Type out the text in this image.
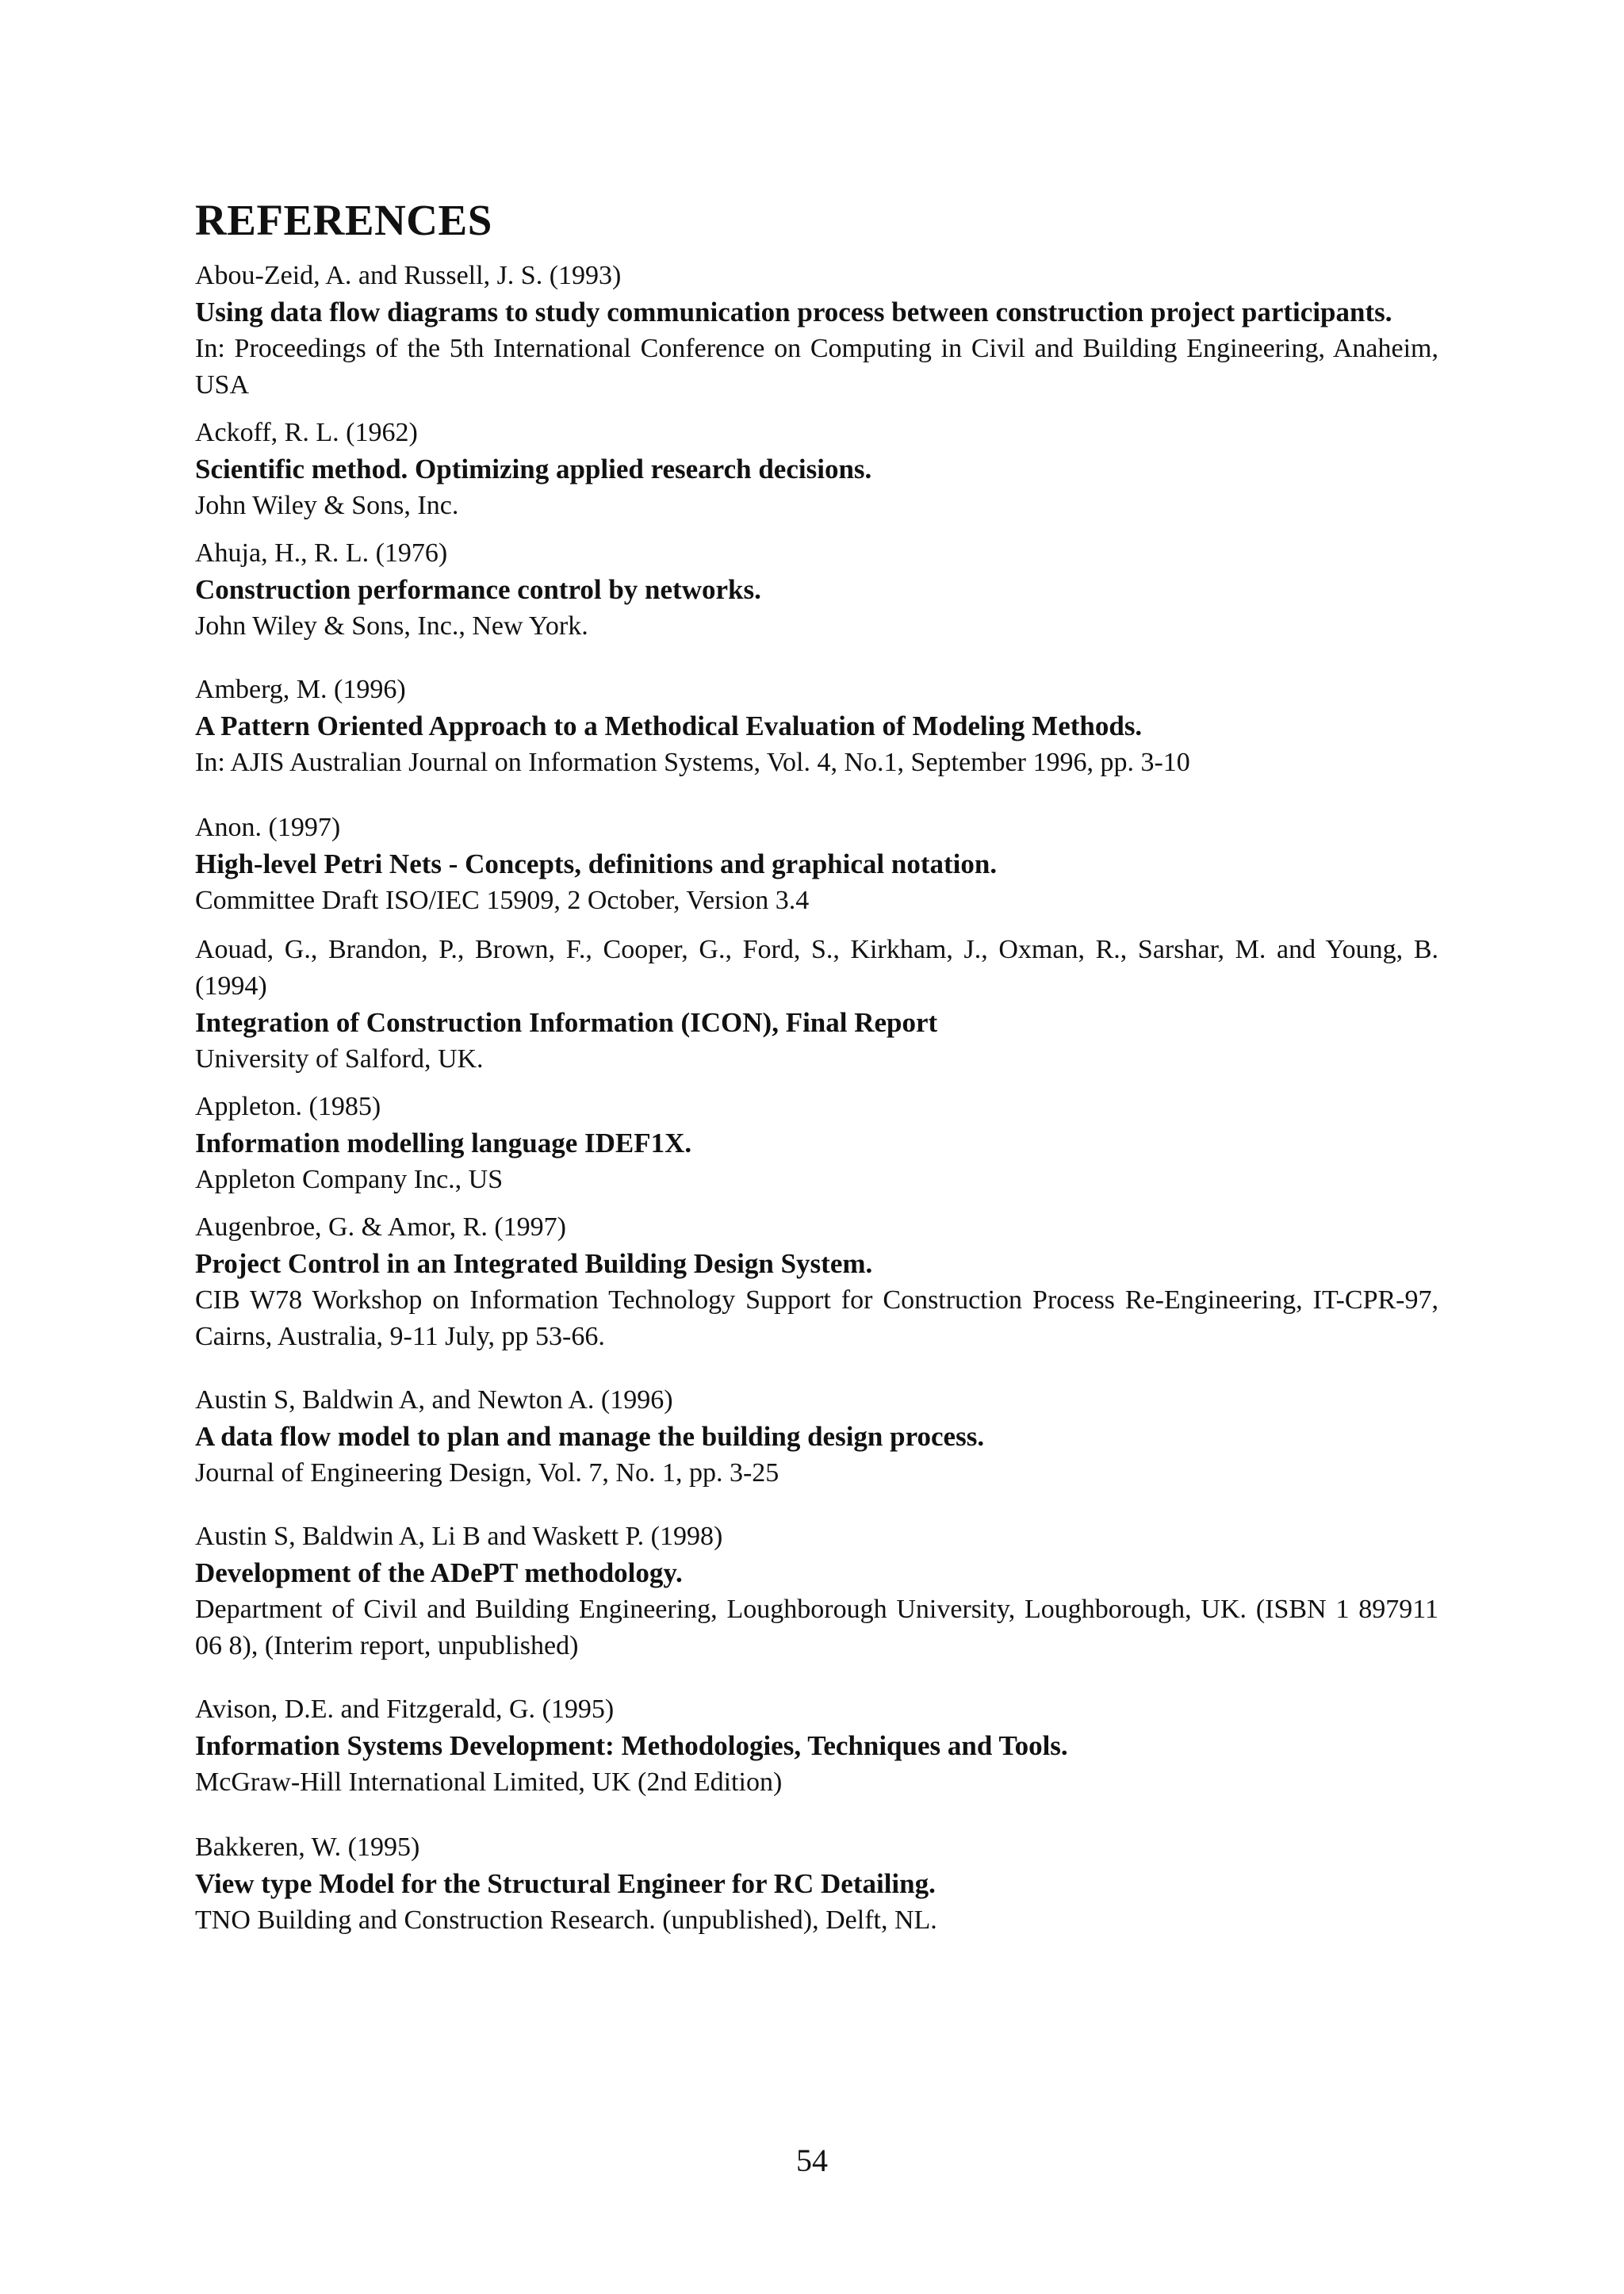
REFERENCES
Abou-Zeid, A. and Russell, J. S. (1993)
Using data flow diagrams to study communication process between construction project participants.
In: Proceedings of the 5th International Conference on Computing in Civil and Building Engineering, Anaheim, USA
Ackoff, R. L. (1962)
Scientific method. Optimizing applied research decisions.
John Wiley & Sons, Inc.
Ahuja, H., R. L. (1976)
Construction performance control by networks.
John Wiley & Sons, Inc., New York.
Amberg, M. (1996)
A Pattern Oriented Approach to a Methodical Evaluation of Modeling Methods.
In: AJIS Australian Journal on Information Systems, Vol. 4, No.1, September 1996, pp. 3-10
Anon. (1997)
High-level Petri Nets - Concepts, definitions and graphical notation.
Committee Draft ISO/IEC 15909, 2 October, Version 3.4
Aouad, G., Brandon, P., Brown, F., Cooper, G., Ford, S., Kirkham, J., Oxman, R., Sarshar, M. and Young, B. (1994)
Integration of Construction Information (ICON), Final Report
University of Salford, UK.
Appleton. (1985)
Information modelling language IDEF1X.
Appleton Company Inc., US
Augenbroe, G. & Amor, R. (1997)
Project Control in an Integrated Building Design System.
CIB W78 Workshop on Information Technology Support for Construction Process Re-Engineering, IT-CPR-97, Cairns, Australia, 9-11 July, pp 53-66.
Austin S, Baldwin A, and Newton A. (1996)
A data flow model to plan and manage the building design process.
Journal of Engineering Design, Vol. 7, No. 1, pp. 3-25
Austin S, Baldwin A, Li B and Waskett P. (1998)
Development of the ADePT methodology.
Department of Civil and Building Engineering, Loughborough University, Loughborough, UK. (ISBN 1 897911 06 8), (Interim report, unpublished)
Avison, D.E. and Fitzgerald, G. (1995)
Information Systems Development: Methodologies, Techniques and Tools.
McGraw-Hill International Limited, UK (2nd Edition)
Bakkeren, W. (1995)
View type Model for the Structural Engineer for RC Detailing.
TNO Building and Construction Research. (unpublished), Delft, NL.
54
